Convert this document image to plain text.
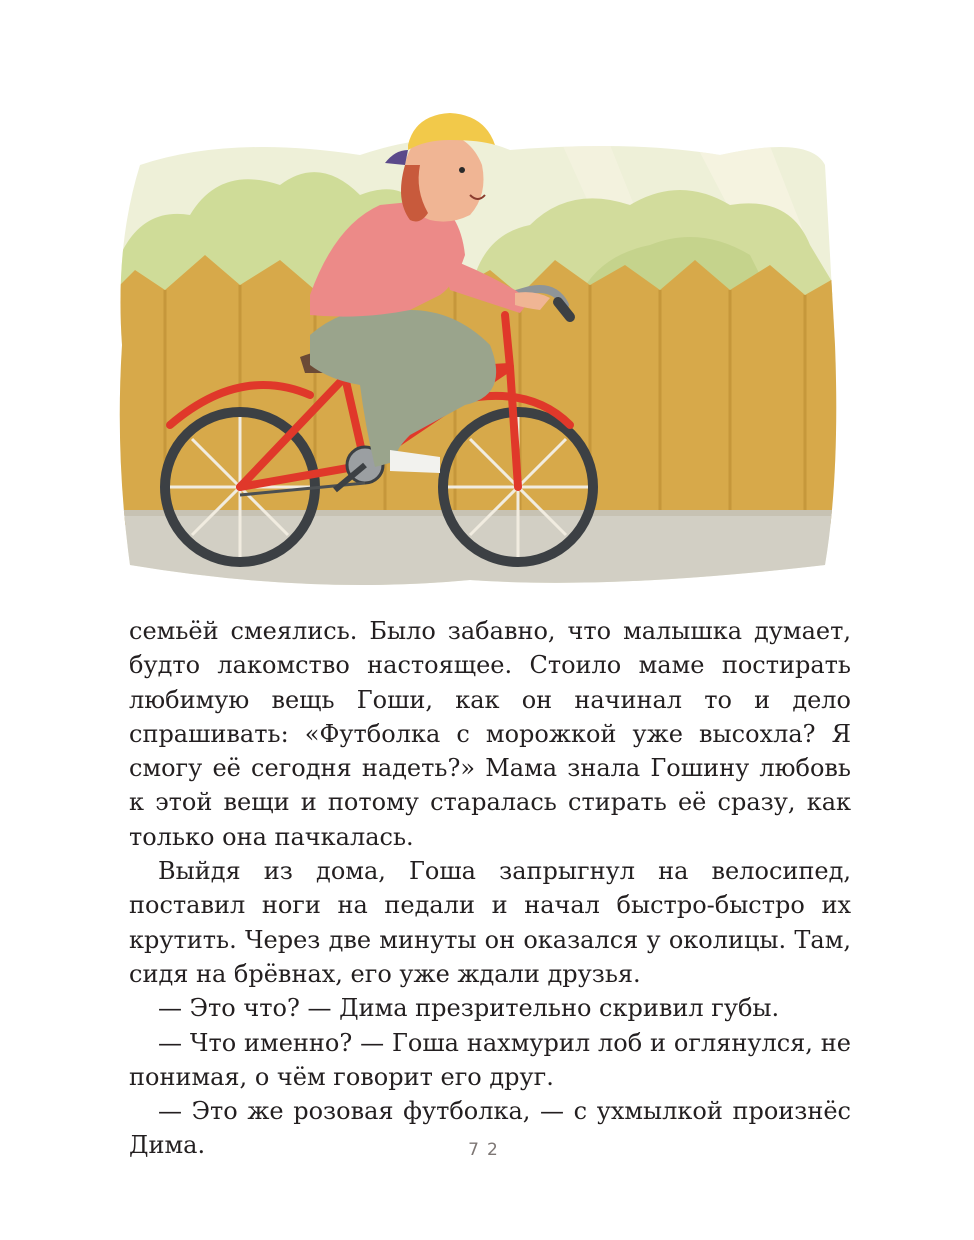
семьёй смеялись. Было забавно, что малышка думает, будто лакомство настоящее. Стоило маме постирать любимую вещь Гоши, как он начинал то и дело спрашивать: «Футболка с морожкой уже высохла? Я смогу её сегодня надеть?» Мама знала Гошину любовь к этой вещи и потому старалась стирать её сразу, как только она пачкалась.

Выйдя из дома, Гоша запрыгнул на велосипед, поставил ноги на педали и начал быстро-быстро их крутить. Через две минуты он оказался у околицы. Там, сидя на брёвнах, его уже ждали друзья.

— Это что? — Дима презрительно скривил губы.

— Что именно? — Гоша нахмурил лоб и оглянулся, не понимая, о чём говорит его друг.

— Это же розовая футболка, — с ухмылкой произнёс Дима.	72
